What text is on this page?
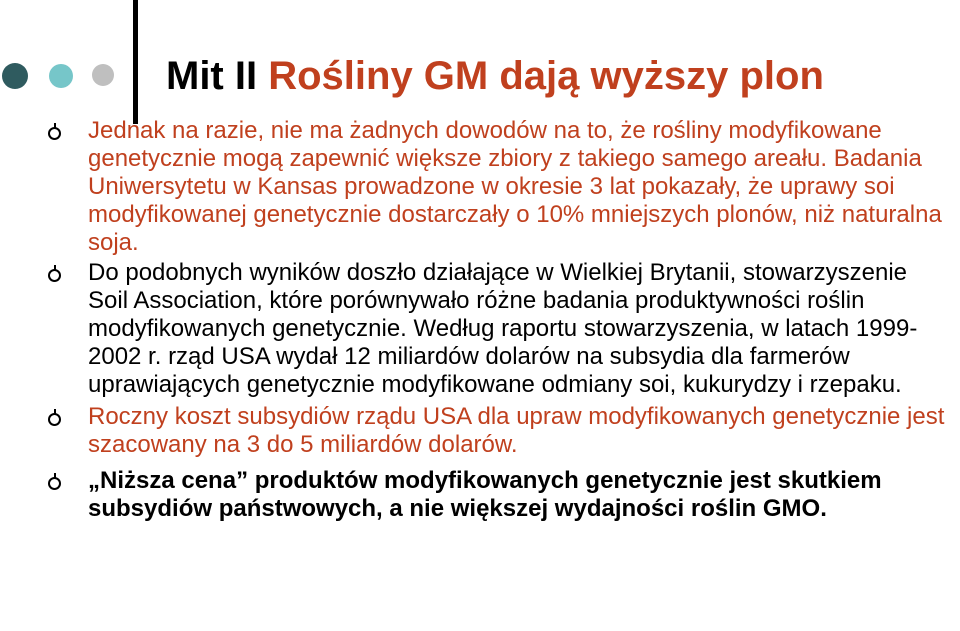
Mit II Rośliny GM dają wyższy plon
Jednak na razie, nie ma żadnych dowodów na to, że rośliny modyfikowane genetycznie mogą zapewnić większe zbiory z takiego samego areału. Badania Uniwersytetu w Kansas prowadzone w okresie 3 lat pokazały, że uprawy soi modyfikowanej genetycznie dostarczały o 10% mniejszych plonów, niż naturalna soja.
Do podobnych wyników doszło działające w Wielkiej Brytanii, stowarzyszenie Soil Association, które porównywało różne badania produktywności roślin modyfikowanych genetycznie. Według raportu stowarzyszenia, w latach 1999-2002 r. rząd USA wydał 12 miliardów dolarów na subsydia dla farmerów uprawiających genetycznie modyfikowane odmiany soi, kukurydzy i rzepaku.
Roczny koszt subsydiów rządu USA dla upraw modyfikowanych genetycznie jest szacowany na 3 do 5 miliardów dolarów.
„Niższa cena” produktów modyfikowanych genetycznie jest skutkiem subsydiów państwowych, a nie większej wydajności roślin GMO.
